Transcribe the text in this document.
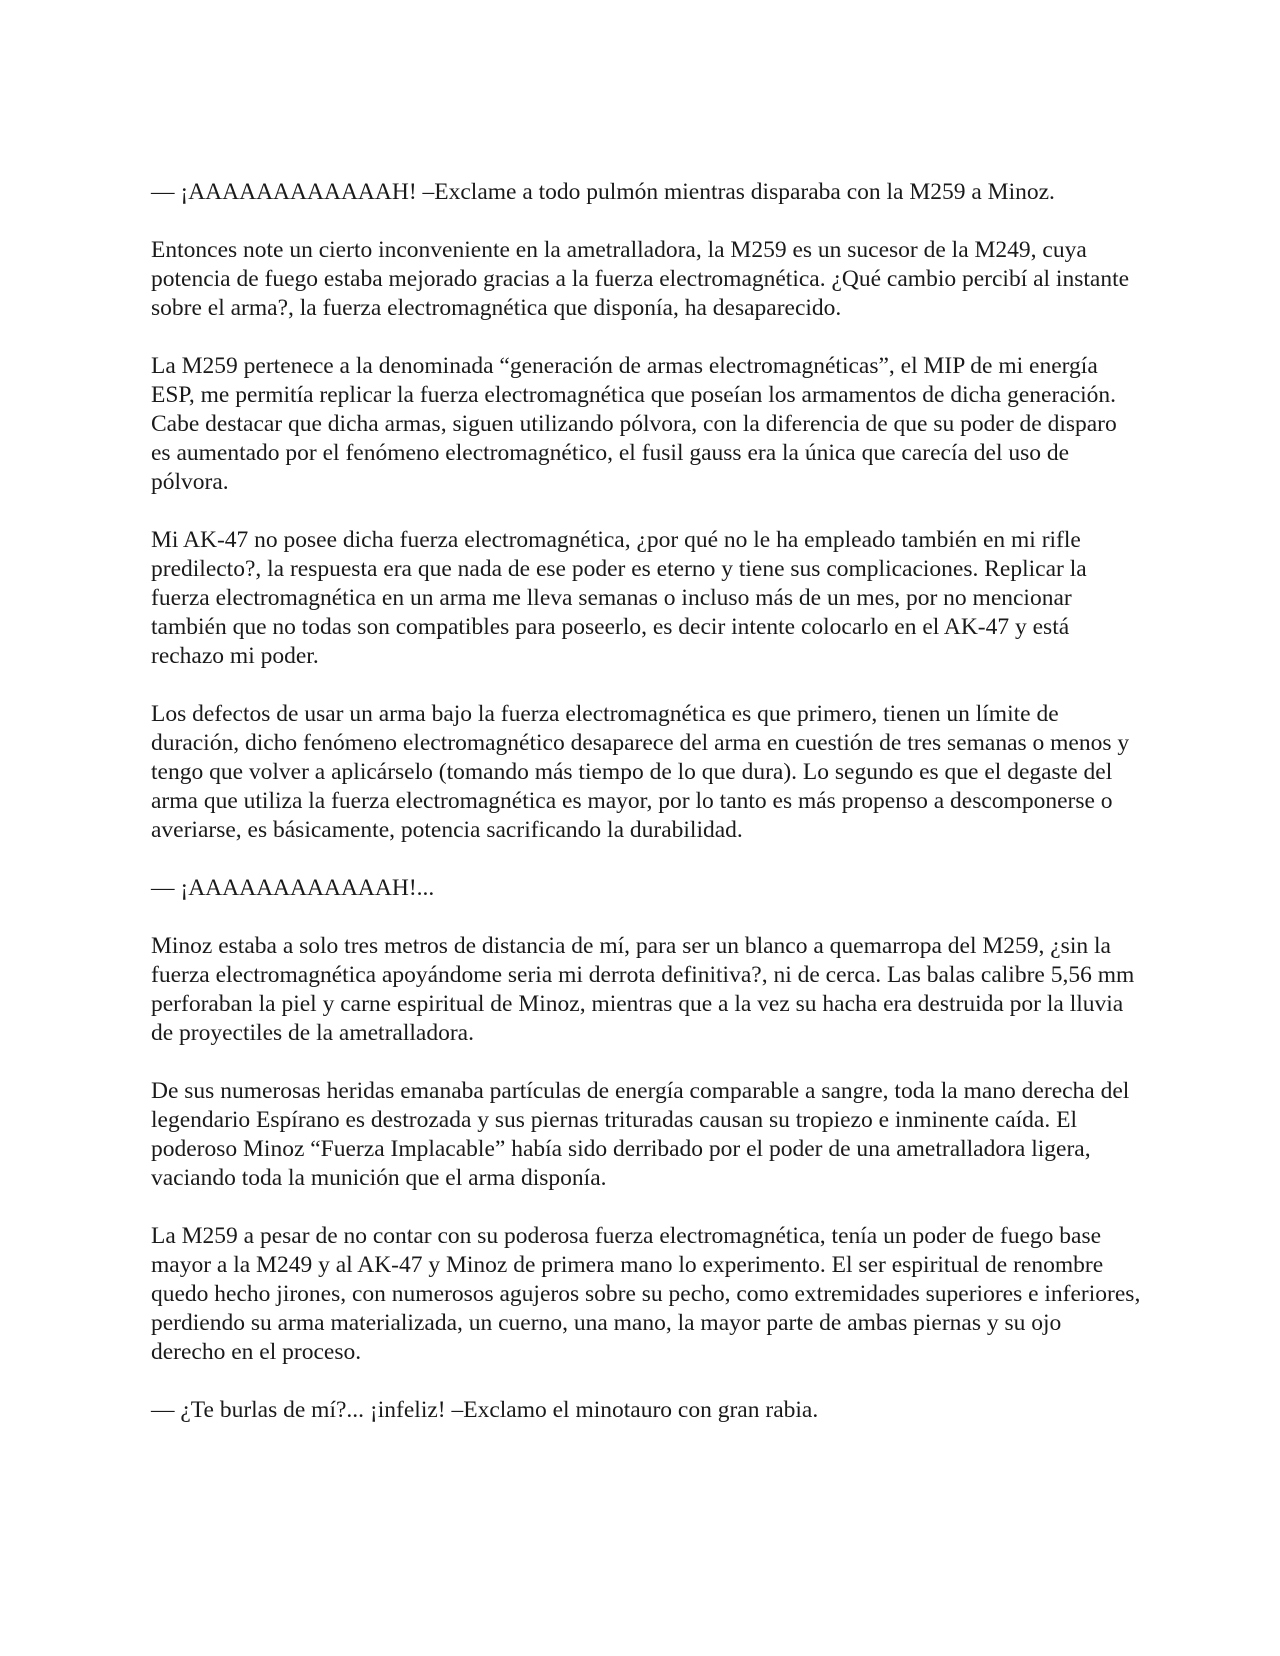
— ¡AAAAAAAAAAAAH! –Exclame a todo pulmón mientras disparaba con la M259 a Minoz.

Entonces note un cierto inconveniente en la ametralladora, la M259 es un sucesor de la M249, cuya potencia de fuego estaba mejorado gracias a la fuerza electromagnética. ¿Qué cambio percibí al instante sobre el arma?, la fuerza electromagnética que disponía, ha desaparecido.

La M259 pertenece a la denominada “generación de armas electromagnéticas”, el MIP de mi energía ESP, me permitía replicar la fuerza electromagnética que poseían los armamentos de dicha generación. Cabe destacar que dicha armas, siguen utilizando pólvora, con la diferencia de que su poder de disparo es aumentado por el fenómeno electromagnético, el fusil gauss era la única que carecía del uso de pólvora.

Mi AK-47 no posee dicha fuerza electromagnética, ¿por qué no le ha empleado también en mi rifle predilecto?, la respuesta era que nada de ese poder es eterno y tiene sus complicaciones. Replicar la fuerza electromagnética en un arma me lleva semanas o incluso más de un mes, por no mencionar también que no todas son compatibles para poseerlo, es decir intente colocarlo en el AK-47 y está rechazo mi poder.

Los defectos de usar un arma bajo la fuerza electromagnética es que primero, tienen un límite de duración, dicho fenómeno electromagnético desaparece del arma en cuestión de tres semanas o menos y tengo que volver a aplicárselo (tomando más tiempo de lo que dura). Lo segundo es que el degaste del arma que utiliza la fuerza electromagnética es mayor, por lo tanto es más propenso a descomponerse o averiarse, es básicamente, potencia sacrificando la durabilidad.

— ¡AAAAAAAAAAAAH!...

Minoz estaba a solo tres metros de distancia de mí, para ser un blanco a quemarropa del M259, ¿sin la fuerza electromagnética apoyándome seria mi derrota definitiva?, ni de cerca. Las balas calibre 5,56 mm perforaban la piel y carne espiritual de Minoz, mientras que a la vez su hacha era destruida por la lluvia de proyectiles de la ametralladora.

De sus numerosas heridas emanaba partículas de energía comparable a sangre, toda la mano derecha del legendario Espírano es destrozada y sus piernas trituradas causan su tropiezo e inminente caída. El poderoso Minoz “Fuerza Implacable” había sido derribado por el poder de una ametralladora ligera, vaciando toda la munición que el arma disponía.

La M259 a pesar de no contar con su poderosa fuerza electromagnética, tenía un poder de fuego base mayor a la M249 y al AK-47 y Minoz de primera mano lo experimento. El ser espiritual de renombre quedo hecho jirones, con numerosos agujeros sobre su pecho, como extremidades superiores e inferiores, perdiendo su arma materializada, un cuerno, una mano, la mayor parte de ambas piernas y su ojo derecho en el proceso.

— ¿Te burlas de mí?... ¡infeliz! –Exclamo el minotauro con gran rabia.
